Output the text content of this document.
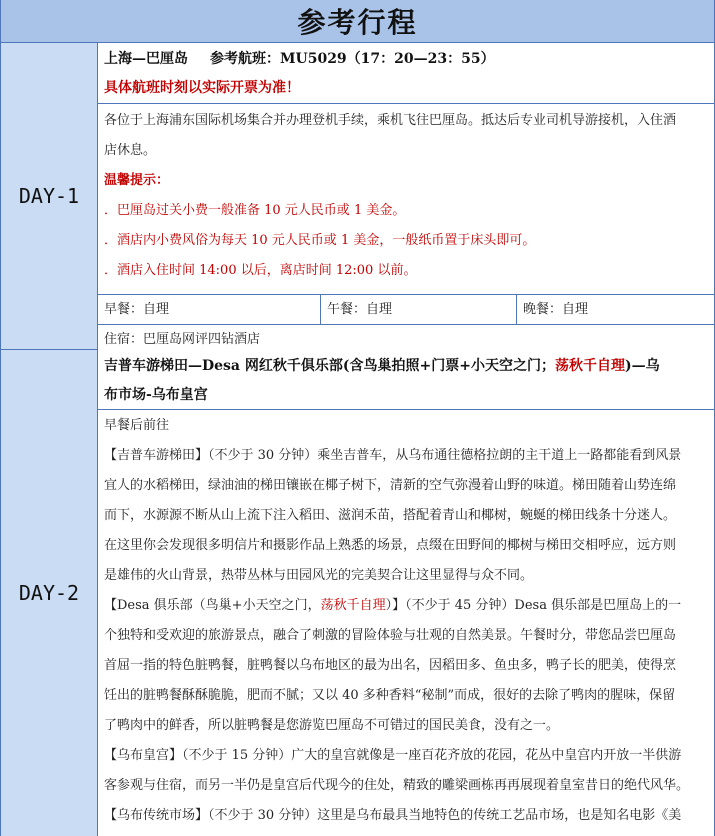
参考行程
DAY-1
上海—巴厘岛 参考航班：MU5029（17：20—23：55）
具体航班时刻以实际开票为准！
各位于上海浦东国际机场集合并办理登机手续，乘机飞往巴厘岛。抵达后专业司机导游接机，入住酒
店休息。
温馨提示：
．巴厘岛过关小费一般准备 10 元人民币或 1 美金。
．酒店内小费风俗为每天 10 元人民币或 1 美金，一般纸币置于床头即可。
．酒店入住时间 14:00 以后，离店时间 12:00 以前。
早餐：自理	午餐：自理	晚餐：自理
住宿：巴厘岛网评四钻酒店
DAY-2
吉普车游梯田—Desa 网红秋千俱乐部(含鸟巢拍照+门票+小天空之门；荡秋千自理)—乌
布市场-乌布皇宫
早餐后前往
【吉普车游梯田】（不少于 30 分钟）乘坐吉普车，从乌布通往德格拉朗的主干道上一路都能看到风景
宜人的水稻梯田，绿油油的梯田镶嵌在椰子树下，清新的空气弥漫着山野的味道。梯田随着山势连绵
而下，水源源不断从山上流下注入稻田、滋润禾苗，搭配着青山和椰树，蜿蜒的梯田线条十分迷人。
在这里你会发现很多明信片和摄影作品上熟悉的场景，点缀在田野间的椰树与梯田交相呼应，远方则
是雄伟的火山背景，热带丛林与田园风光的完美契合让这里显得与众不同。
【Desa 俱乐部（鸟巢+小天空之门，荡秋千自理）】（不少于 45 分钟）Desa 俱乐部是巴厘岛上的一
个独特和受欢迎的旅游景点，融合了刺激的冒险体验与壮观的自然美景。午餐时分，带您品尝巴厘岛
首屈一指的特色脏鸭餐，脏鸭餐以乌布地区的最为出名，因稻田多、鱼虫多，鸭子长的肥美，使得烹
饪出的脏鸭餐酥酥脆脆，肥而不腻；又以 40 多种香料“秘制”而成，很好的去除了鸭肉的腥味，保留
了鸭肉中的鲜香，所以脏鸭餐是您游览巴厘岛不可错过的国民美食，没有之一。
【乌布皇宫】（不少于 15 分钟）广大的皇宫就像是一座百花齐放的花园，花丛中皇宫内开放一半供游
客参观与住宿，而另一半仍是皇宫后代现今的住处，精致的雕梁画栋再再展现着皇室昔日的绝代风华。
【乌布传统市场】（不少于 30 分钟）这里是乌布最具当地特色的传统工艺品市场，也是知名电影《美
